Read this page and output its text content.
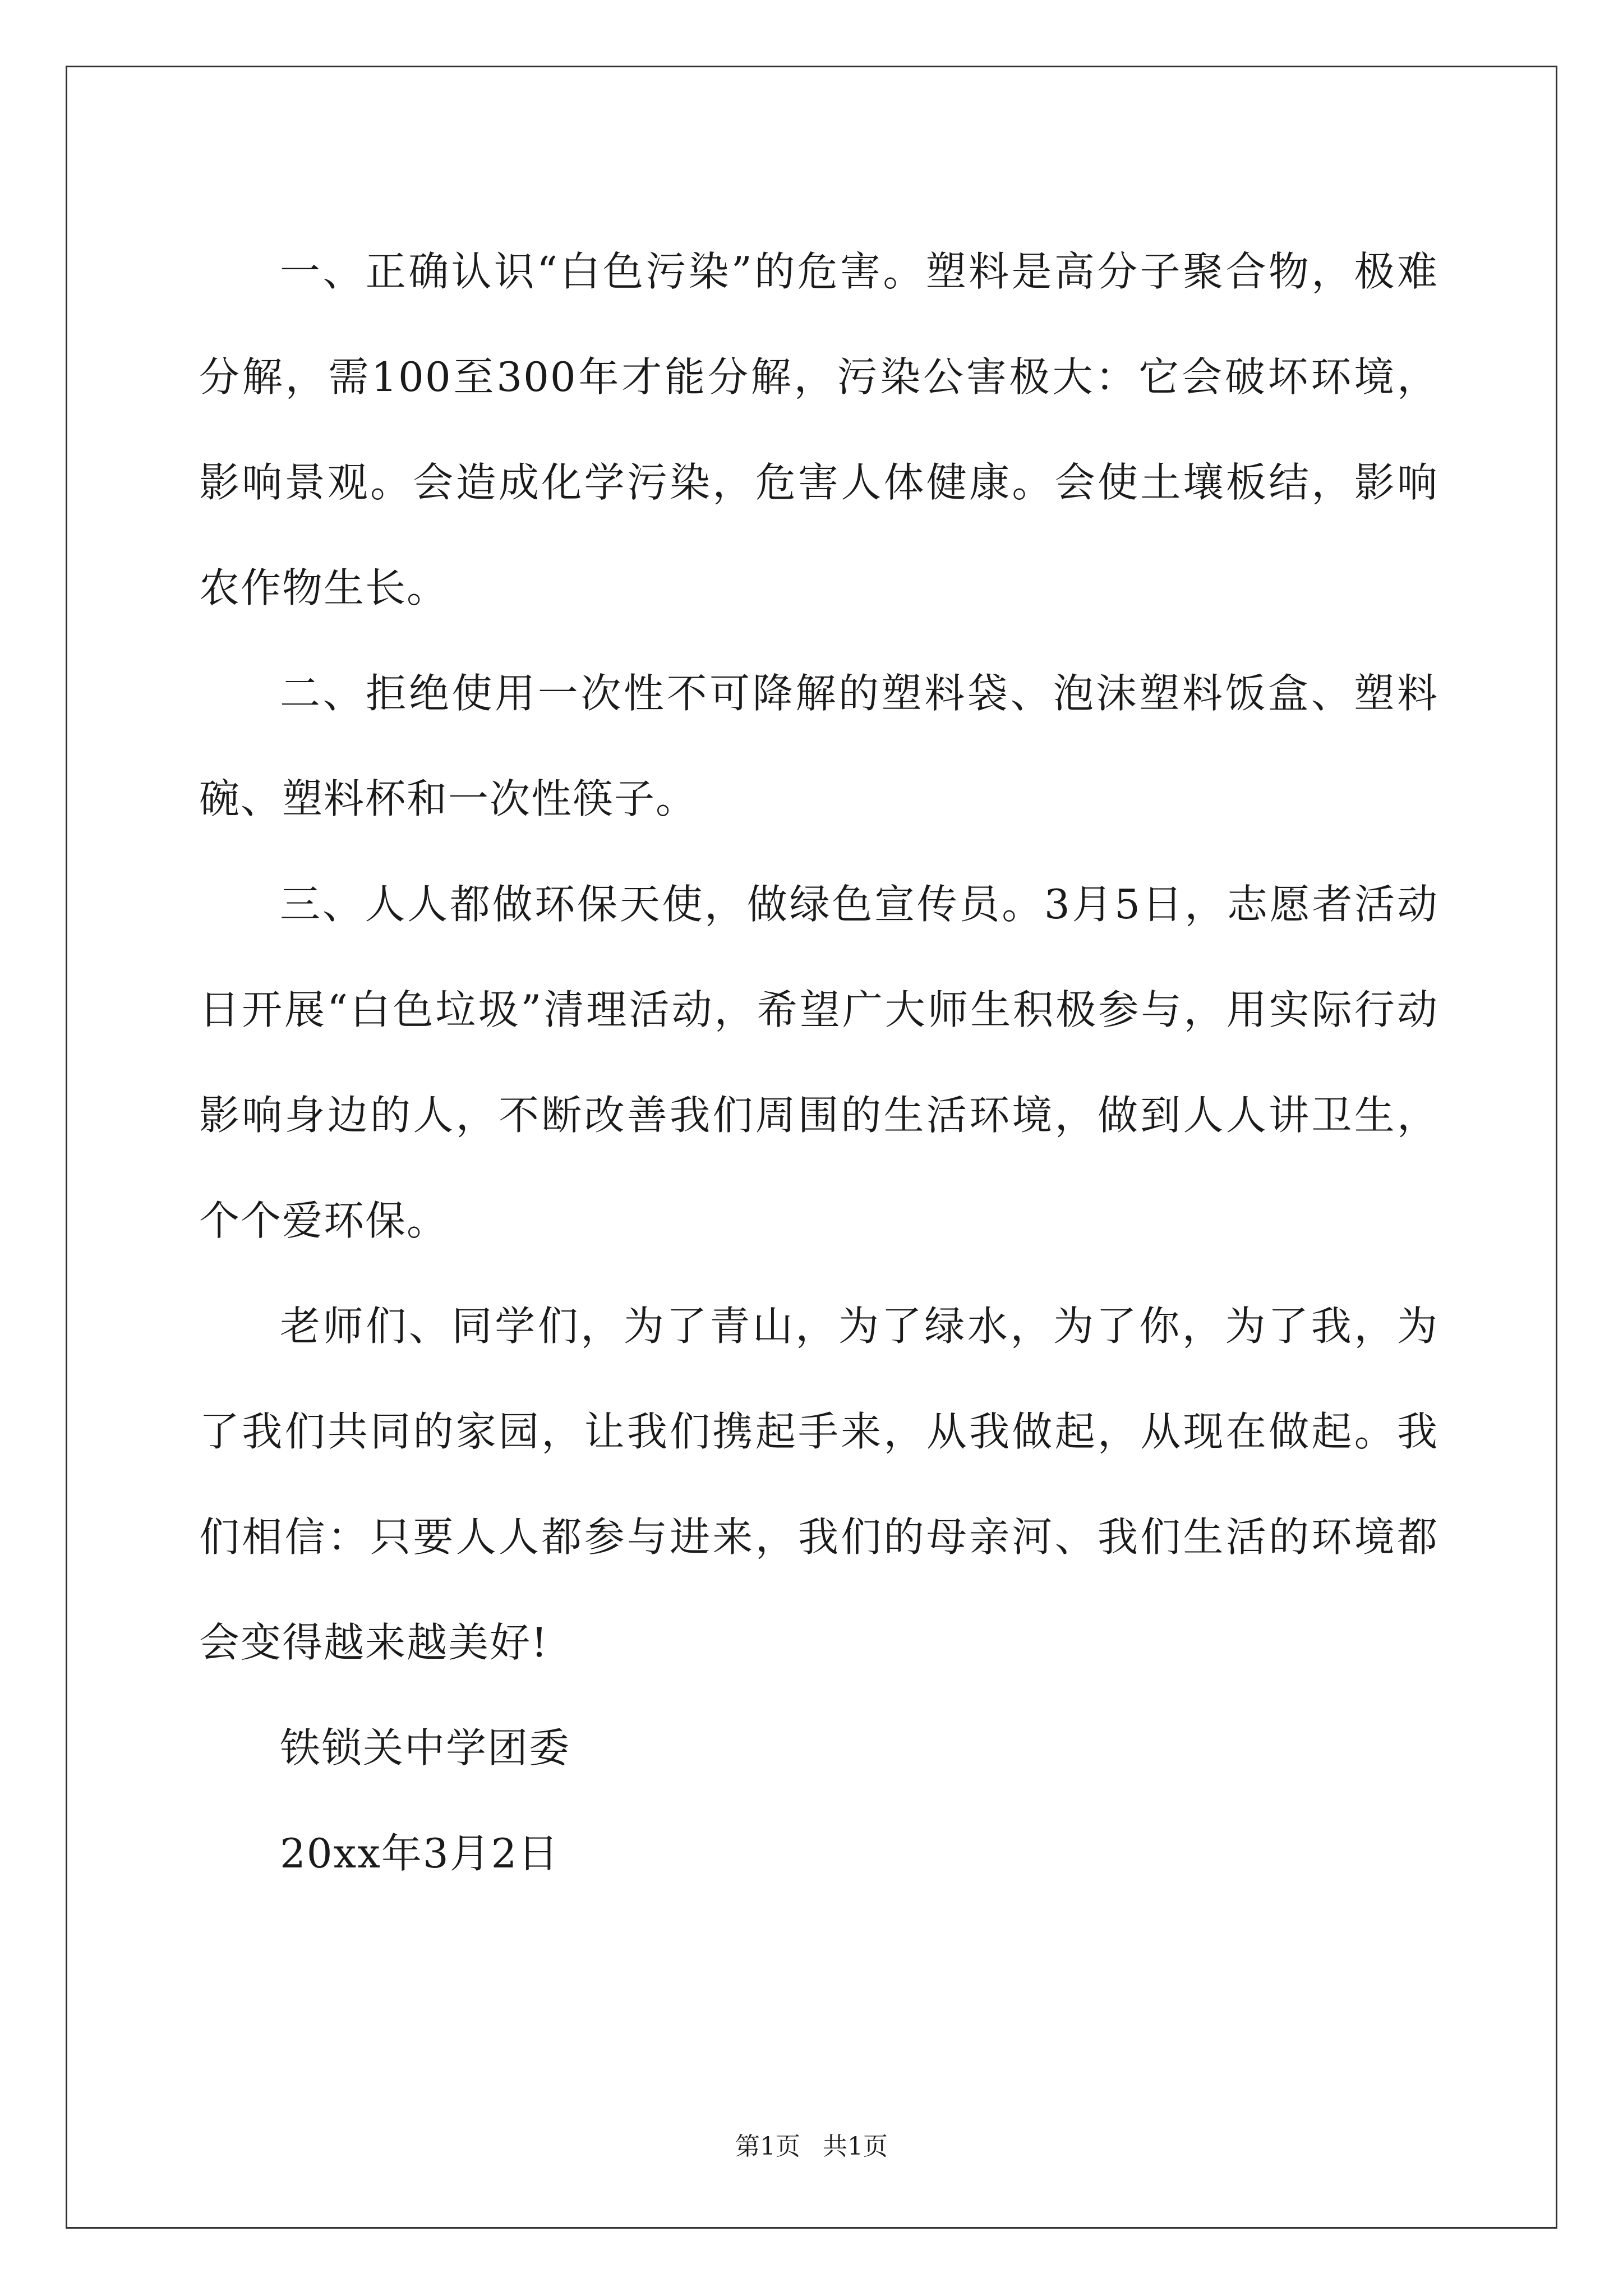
一、正确认识“白色污染”的危害。塑料是高分子聚合物，极难分解，需100至300年才能分解，污染公害极大：它会破坏环境，影响景观。会造成化学污染，危害人体健康。会使土壤板结，影响农作物生长。

二、拒绝使用一次性不可降解的塑料袋、泡沫塑料饭盒、塑料碗、塑料杯和一次性筷子。

三、人人都做环保天使，做绿色宣传员。3月5日，志愿者活动日开展“白色垃圾”清理活动，希望广大师生积极参与，用实际行动影响身边的人，不断改善我们周围的生活环境，做到人人讲卫生，个个爱环保。

老师们、同学们，为了青山，为了绿水，为了你，为了我，为了我们共同的家园，让我们携起手来，从我做起，从现在做起。我们相信：只要人人都参与进来，我们的母亲河、我们生活的环境都会变得越来越美好!

铁锁关中学团委

20xx年3月2日

第1页 共1页
